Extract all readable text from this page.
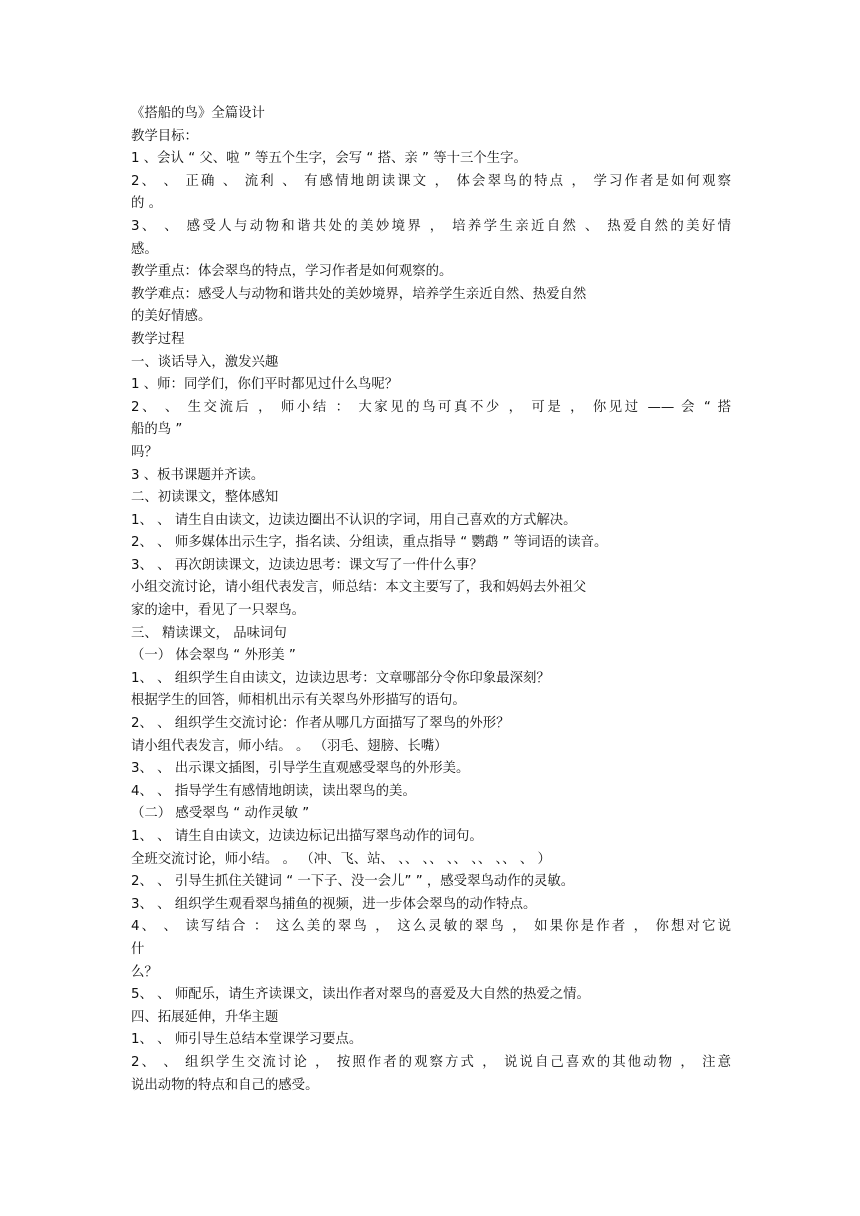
《搭船的鸟》全篇设计
教学目标：
1 、会认 “ 父、啦 ” 等五个生字，会写 “ 搭、亲 ” 等十三个生字。
2、 、 正确 、 流利 、 有感情地朗读课文 ， 体会翠鸟的特点 ， 学习作者是如何观察
的 。
3、 、 感受人与动物和谐共处的美妙境界 ， 培养学生亲近自然 、 热爱自然的美好情
感。
教学重点：体会翠鸟的特点，学习作者是如何观察的。
教学难点：感受人与动物和谐共处的美妙境界，培养学生亲近自然、热爱自然
的美好情感。
教学过程
一、谈话导入，激发兴趣
1 、师：同学们，你们平时都见过什么鸟呢？
2、 、 生交流后 ， 师小结 ： 大家见的鸟可真不少 ， 可是 ， 你见过 —— 会 “ 搭
船的鸟 ”
吗？
3 、板书课题并齐读。
二、初读课文，整体感知
1、 、 请生自由读文，边读边圈出不认识的字词，用自己喜欢的方式解决。
2、 、 师多媒体出示生字，指名读、分组读，重点指导 “ 鹦鹉 ” 等词语的读音。
3、 、 再次朗读课文，边读边思考：课文写了一件什么事？
小组交流讨论，请小组代表发言，师总结：本文主要写了，我和妈妈去外祖父
家的途中，看见了一只翠鸟。
三、 精读课文， 品味词句
（一） 体会翠鸟 “ 外形美 ”
1、 、 组织学生自由读文，边读边思考：文章哪部分令你印象最深刻？
根据学生的回答，师相机出示有关翠鸟外形描写的语句。
2、 、 组织学生交流讨论：作者从哪几方面描写了翠鸟的外形？
请小组代表发言，师小结。 。 （羽毛、翅膀、长嘴）
3、 、 出示课文插图，引导学生直观感受翠鸟的外形美。
4、 、 指导学生有感情地朗读，读出翠鸟的美。
（二） 感受翠鸟 “ 动作灵敏 ”
1、 、 请生自由读文，边读边标记出描写翠鸟动作的词句。
全班交流讨论，师小结。 。 （冲、飞、站、 、、 、、 、、 、、 、、 、 ）
2、 、 引导生抓住关键词 “ 一下子、没一会儿” ” ，感受翠鸟动作的灵敏。
3、 、 组织学生观看翠鸟捕鱼的视频，进一步体会翠鸟的动作特点。
4、 、 读写结合 ： 这么美的翠鸟 ， 这么灵敏的翠鸟 ， 如果你是作者 ， 你想对它说
什
么？
5、 、 师配乐，请生齐读课文，读出作者对翠鸟的喜爱及大自然的热爱之情。
四、拓展延伸，升华主题
1、 、 师引导生总结本堂课学习要点。
2、 、 组织学生交流讨论 ， 按照作者的观察方式 ， 说说自己喜欢的其他动物 ， 注意
说出动物的特点和自己的感受。
